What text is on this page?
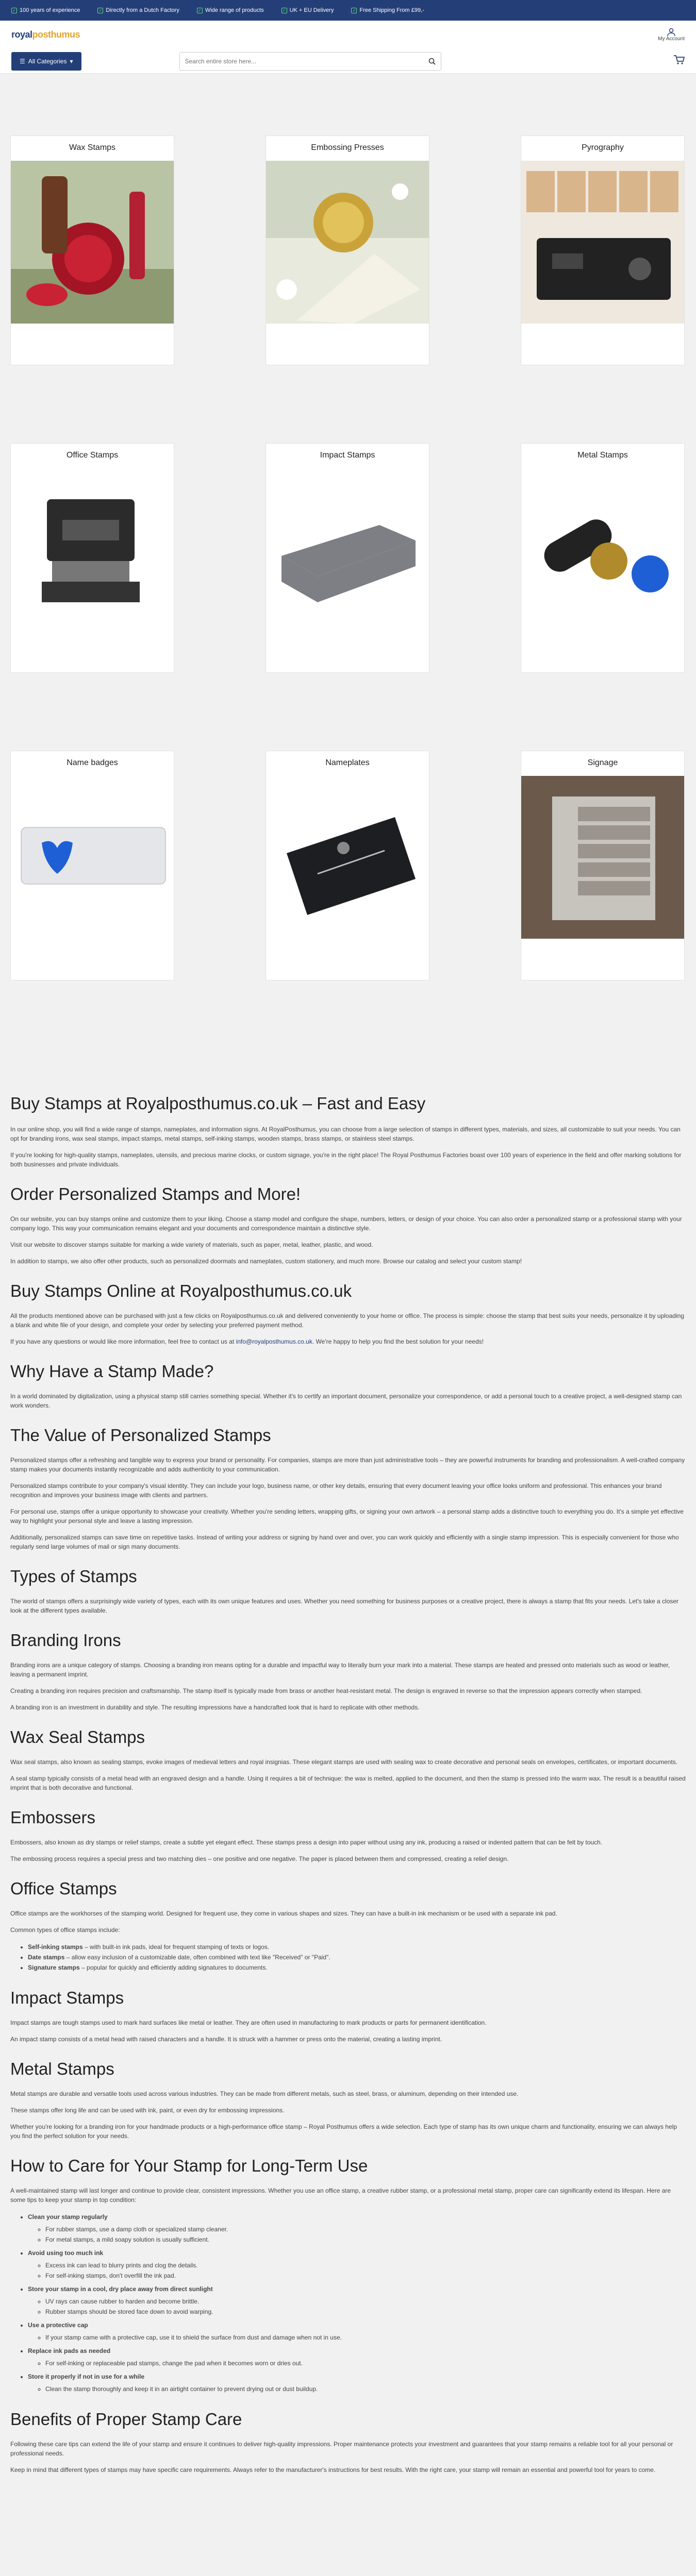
✓ 100 years of experience	✓ Directly from a Dutch Factory	✓ Wide range of products	✓ UK + EU Delivery	✓ Free Shipping From £99,-
royalposthumus	My Account
☰ All Categories ▾
Search entire store here...
Wax Stamps	Embossing Presses	Pyrography
Office Stamps	Impact Stamps	Metal Stamps
Name badges	Nameplates	Signage
Buy Stamps at Royalposthumus.co.uk – Fast and Easy

In our online shop, you will find a wide range of stamps, nameplates, and information signs. At RoyalPosthumus, you can choose from a large selection of stamps in different types, materials, and sizes, all customizable to suit your needs. You can opt for branding irons, wax seal stamps, impact stamps, metal stamps, self-inking stamps, wooden stamps, brass stamps, or stainless steel stamps.

If you're looking for high-quality stamps, nameplates, utensils, and precious marine clocks, or custom signage, you're in the right place! The Royal Posthumus Factories boast over 100 years of experience in the field and offer marking solutions for both businesses and private individuals.

Order Personalized Stamps and More!

On our website, you can buy stamps online and customize them to your liking. Choose a stamp model and configure the shape, numbers, letters, or design of your choice. You can also order a personalized stamp or a professional stamp with your company logo. This way your communication remains elegant and your documents and correspondence maintain a distinctive style.

Visit our website to discover stamps suitable for marking a wide variety of materials, such as paper, metal, leather, plastic, and wood.

In addition to stamps, we also offer other products, such as personalized doormats and nameplates, custom stationery, and much more. Browse our catalog and select your custom stamp!

Buy Stamps Online at Royalposthumus.co.uk

All the products mentioned above can be purchased with just a few clicks on Royalposthumus.co.uk and delivered conveniently to your home or office. The process is simple: choose the stamp that best suits your needs, personalize it by uploading a blank and white file of your design, and complete your order by selecting your preferred payment method.

If you have any questions or would like more information, feel free to contact us at info@royalposthumus.co.uk. We're happy to help you find the best solution for your needs!

Why Have a Stamp Made?

In a world dominated by digitalization, using a physical stamp still carries something special. Whether it's to certify an important document, personalize your correspondence, or add a personal touch to a creative project, a well-designed stamp can work wonders.

The Value of Personalized Stamps

Personalized stamps offer a refreshing and tangible way to express your brand or personality. For companies, stamps are more than just administrative tools – they are powerful instruments for branding and professionalism. A well-crafted company stamp makes your documents instantly recognizable and adds authenticity to your communication.

Personalized stamps contribute to your company's visual identity. They can include your logo, business name, or other key details, ensuring that every document leaving your office looks uniform and professional. This enhances your brand recognition and improves your business image with clients and partners.

For personal use, stamps offer a unique opportunity to showcase your creativity. Whether you're sending letters, wrapping gifts, or signing your own artwork – a personal stamp adds a distinctive touch to everything you do. It's a simple yet effective way to highlight your personal style and leave a lasting impression.

Additionally, personalized stamps can save time on repetitive tasks. Instead of writing your address or signing by hand over and over, you can work quickly and efficiently with a single stamp impression. This is especially convenient for those who regularly send large volumes of mail or sign many documents.

Types of Stamps

The world of stamps offers a surprisingly wide variety of types, each with its own unique features and uses. Whether you need something for business purposes or a creative project, there is always a stamp that fits your needs. Let's take a closer look at the different types available.

Branding Irons

Branding irons are a unique category of stamps. Choosing a branding iron means opting for a durable and impactful way to literally burn your mark into a material. These stamps are heated and pressed onto materials such as wood or leather, leaving a permanent imprint.

Creating a branding iron requires precision and craftsmanship. The stamp itself is typically made from brass or another heat-resistant metal. The design is engraved in reverse so that the impression appears correctly when stamped.

A branding iron is an investment in durability and style. The resulting impressions have a handcrafted look that is hard to replicate with other methods.

Wax Seal Stamps

Wax seal stamps, also known as sealing stamps, evoke images of medieval letters and royal insignias. These elegant stamps are used with sealing wax to create decorative and personal seals on envelopes, certificates, or important documents.

A seal stamp typically consists of a metal head with an engraved design and a handle. Using it requires a bit of technique: the wax is melted, applied to the document, and then the stamp is pressed into the warm wax. The result is a beautiful raised imprint that is both decorative and functional.

Embossers

Embossers, also known as dry stamps or relief stamps, create a subtle yet elegant effect. These stamps press a design into paper without using any ink, producing a raised or indented pattern that can be felt by touch.

The embossing process requires a special press and two matching dies – one positive and one negative. The paper is placed between them and compressed, creating a relief design.

Office Stamps

Office stamps are the workhorses of the stamping world. Designed for frequent use, they come in various shapes and sizes. They can have a built-in ink mechanism or be used with a separate ink pad.

Common types of office stamps include:

• Self-inking stamps – with built-in ink pads, ideal for frequent stamping of texts or logos.
• Date stamps – allow easy inclusion of a customizable date, often combined with text like "Received" or "Paid".
• Signature stamps – popular for quickly and efficiently adding signatures to documents.
Impact Stamps

Impact stamps are tough stamps used to mark hard surfaces like metal or leather. They are often used in manufacturing to mark products or parts for permanent identification.

An impact stamp consists of a metal head with raised characters and a handle. It is struck with a hammer or press onto the material, creating a lasting imprint.

Metal Stamps

Metal stamps are durable and versatile tools used across various industries. They can be made from different metals, such as steel, brass, or aluminum, depending on their intended use.

These stamps offer long life and can be used with ink, paint, or even dry for embossing impressions.

Whether you're looking for a branding iron for your handmade products or a high-performance office stamp – Royal Posthumus offers a wide selection. Each type of stamp has its own unique charm and functionality, ensuring we can always help you find the perfect solution for your needs.

How to Care for Your Stamp for Long-Term Use

A well-maintained stamp will last longer and continue to provide clear, consistent impressions. Whether you use an office stamp, a creative rubber stamp, or a professional metal stamp, proper care can significantly extend its lifespan. Here are some tips to keep your stamp in top condition:

• Clean your stamp regularly
◦ For rubber stamps, use a damp cloth or specialized stamp cleaner.
◦ For metal stamps, a mild soapy solution is usually sufficient.
• Avoid using too much ink
◦ Excess ink can lead to blurry prints and clog the details.
◦ For self-inking stamps, don't overfill the ink pad.
• Store your stamp in a cool, dry place away from direct sunlight
◦ UV rays can cause rubber to harden and become brittle.
◦ Rubber stamps should be stored face down to avoid warping.
• Use a protective cap
◦ If your stamp came with a protective cap, use it to shield the surface from dust and damage when not in use.
• Replace ink pads as needed
◦ For self-inking or replaceable pad stamps, change the pad when it becomes worn or dries out.
• Store it properly if not in use for a while
◦ Clean the stamp thoroughly and keep it in an airtight container to prevent drying out or dust buildup.
Benefits of Proper Stamp Care

Following these care tips can extend the life of your stamp and ensure it continues to deliver high-quality impressions. Proper maintenance protects your investment and guarantees that your stamp remains a reliable tool for all your personal or professional needs.

Keep in mind that different types of stamps may have specific care requirements. Always refer to the manufacturer's instructions for best results. With the right care, your stamp will remain an essential and powerful tool for years to come.
